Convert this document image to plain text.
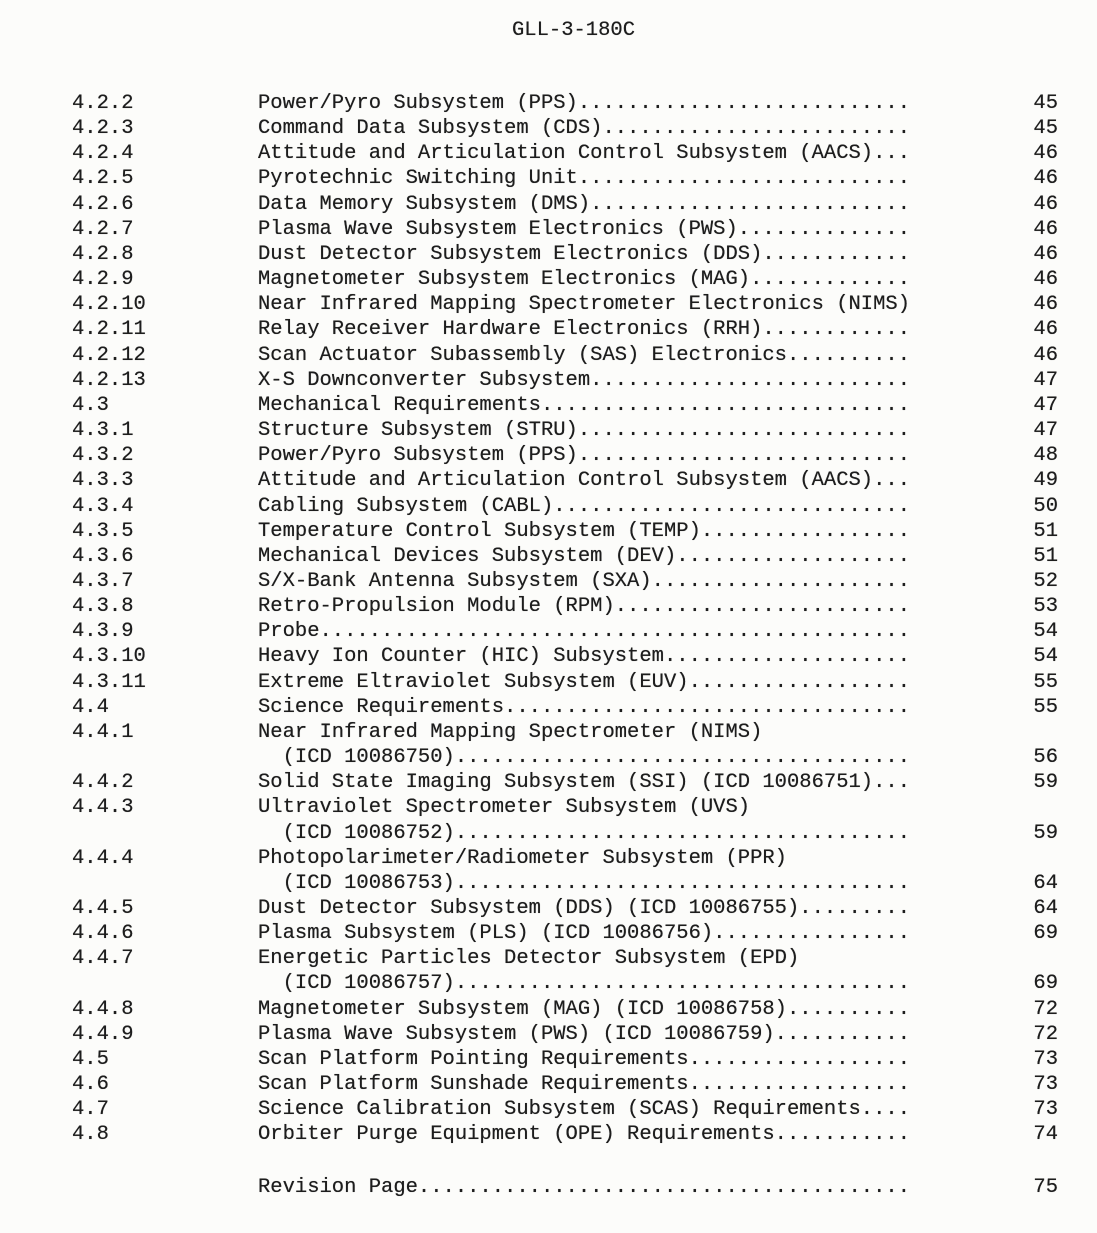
GLL-3-180C
4.2.2	Power/Pyro Subsystem (PPS)...........................	45
4.2.3	Command Data Subsystem (CDS).........................	45
4.2.4	Attitude and Articulation Control Subsystem (AACS)...	46
4.2.5	Pyrotechnic Switching Unit...........................	46
4.2.6	Data Memory Subsystem (DMS)..........................	46
4.2.7	Plasma Wave Subsystem Electronics (PWS)..............	46
4.2.8	Dust Detector Subsystem Electronics (DDS)............	46
4.2.9	Magnetometer Subsystem Electronics (MAG).............	46
4.2.10	Near Infrared Mapping Spectrometer Electronics (NIMS)	46
4.2.11	Relay Receiver Hardware Electronics (RRH)............	46
4.2.12	Scan Actuator Subassembly (SAS) Electronics..........	46
4.2.13	X-S Downconverter Subsystem..........................	47
4.3	Mechanical Requirements..............................	47
4.3.1	Structure Subsystem (STRU)...........................	47
4.3.2	Power/Pyro Subsystem (PPS)...........................	48
4.3.3	Attitude and Articulation Control Subsystem (AACS)...	49
4.3.4	Cabling Subsystem (CABL).............................	50
4.3.5	Temperature Control Subsystem (TEMP).................	51
4.3.6	Mechanical Devices Subsystem (DEV)...................	51
4.3.7	S/X-Bank Antenna Subsystem (SXA).....................	52
4.3.8	Retro-Propulsion Module (RPM)........................	53
4.3.9	Probe................................................	54
4.3.10	Heavy Ion Counter (HIC) Subsystem....................	54
4.3.11	Extreme Eltraviolet Subsystem (EUV)..................	55
4.4	Science Requirements.................................	55
4.4.1	Near Infrared Mapping Spectrometer (NIMS)
(ICD 10086750).....................................	56
4.4.2	Solid State Imaging Subsystem (SSI) (ICD 10086751)...	59
4.4.3	Ultraviolet Spectrometer Subsystem (UVS)
(ICD 10086752).....................................	59
4.4.4	Photopolarimeter/Radiometer Subsystem (PPR)
(ICD 10086753).....................................	64
4.4.5	Dust Detector Subsystem (DDS) (ICD 10086755).........	64
4.4.6	Plasma Subsystem (PLS) (ICD 10086756)................	69
4.4.7	Energetic Particles Detector Subsystem (EPD)
(ICD 10086757).....................................	69
4.4.8	Magnetometer Subsystem (MAG) (ICD 10086758)..........	72
4.4.9	Plasma Wave Subsystem (PWS) (ICD 10086759)...........	72
4.5	Scan Platform Pointing Requirements..................	73
4.6	Scan Platform Sunshade Requirements..................	73
4.7	Science Calibration Subsystem (SCAS) Requirements....	73
4.8	Orbiter Purge Equipment (OPE) Requirements...........	74
Revision Page........................................	75
